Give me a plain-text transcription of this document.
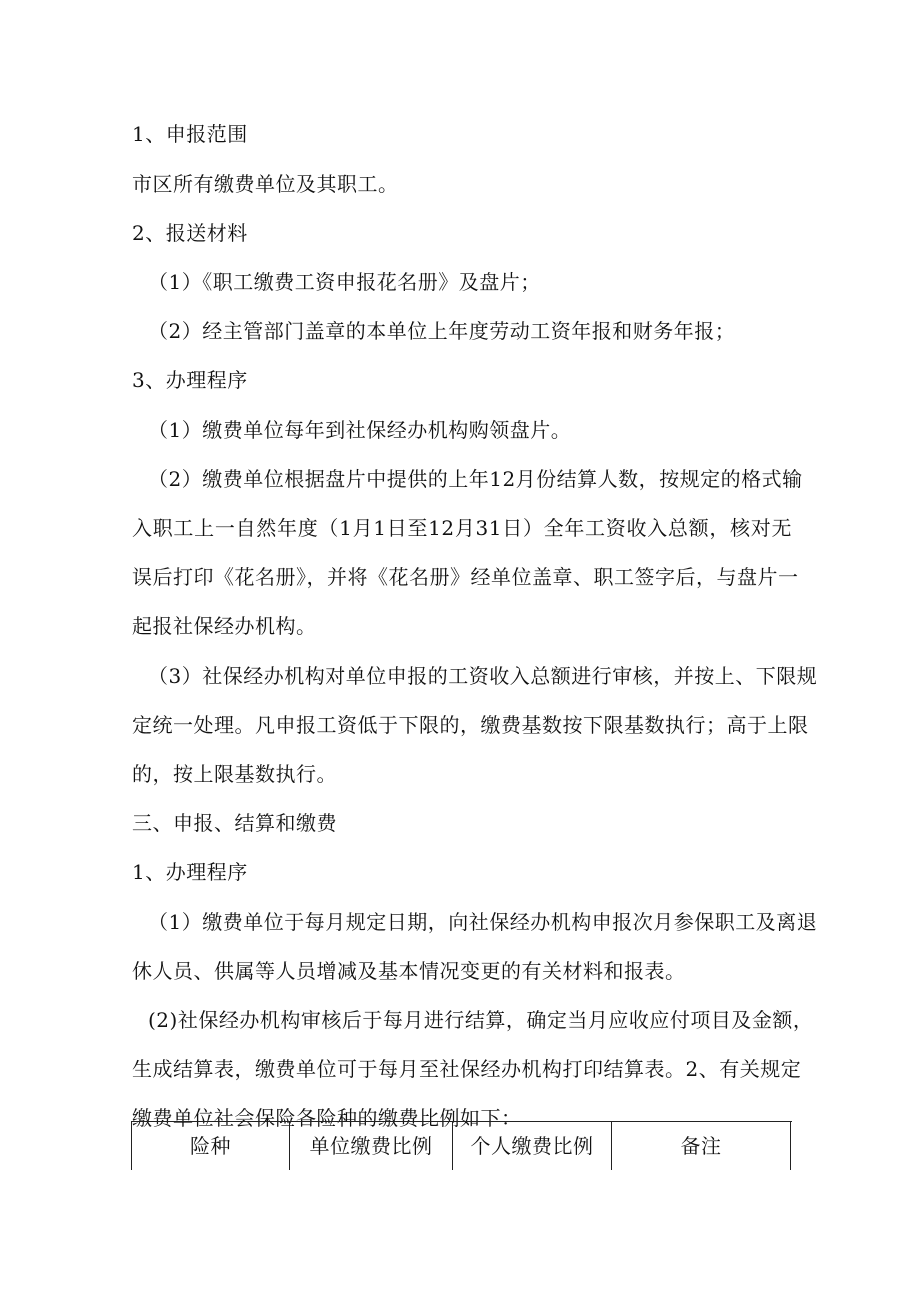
1、申报范围
市区所有缴费单位及其职工。
2、报送材料
（1）《职工缴费工资申报花名册》及盘片；
（2）经主管部门盖章的本单位上年度劳动工资年报和财务年报；
3、办理程序
（1）缴费单位每年到社保经办机构购领盘片。
（2）缴费单位根据盘片中提供的上年12月份结算人数，按规定的格式输
入职工上一自然年度（1月1日至12月31日）全年工资收入总额，核对无
误后打印《花名册》，并将《花名册》经单位盖章、职工签字后，与盘片一
起报社保经办机构。
（3）社保经办机构对单位申报的工资收入总额进行审核，并按上、下限规
定统一处理。凡申报工资低于下限的，缴费基数按下限基数执行；高于上限
的，按上限基数执行。
三、申报、结算和缴费
1、办理程序
（1）缴费单位于每月规定日期，向社保经办机构申报次月参保职工及离退
休人员、供属等人员增减及基本情况变更的有关材料和报表。
(2)社保经办机构审核后于每月进行结算，确定当月应收应付项目及金额，
生成结算表，缴费单位可于每月至社保经办机构打印结算表。2、有关规定
缴费单位社会保险各险种的缴费比例如下：
险种	单位缴费比例	个人缴费比例	备注
